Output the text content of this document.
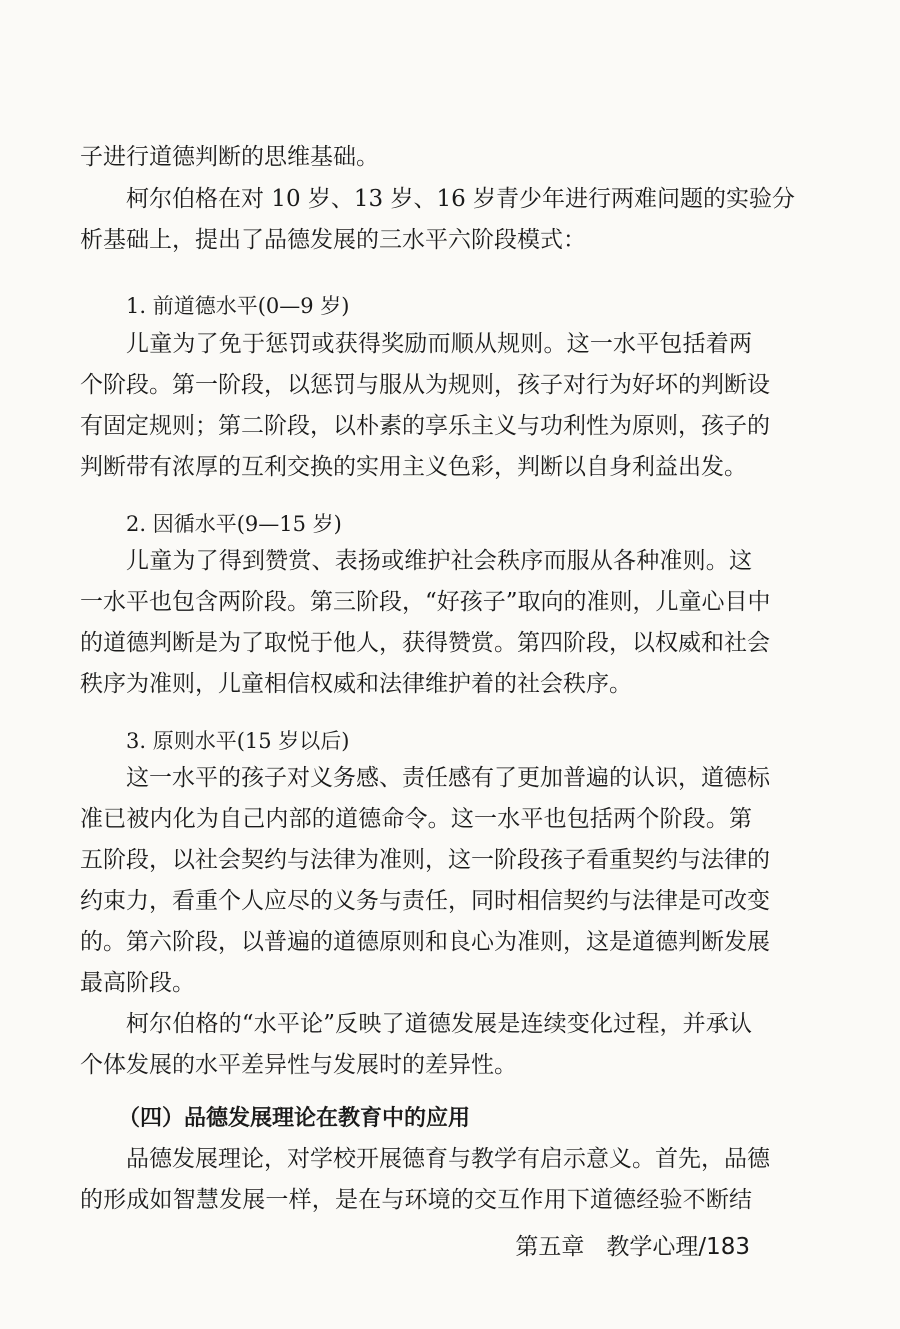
子进行道德判断的思维基础。
柯尔伯格在对 10 岁、13 岁、16 岁青少年进行两难问题的实验分
析基础上，提出了品德发展的三水平六阶段模式：
1. 前道德水平(0—9 岁)
儿童为了免于惩罚或获得奖励而顺从规则。这一水平包括着两
个阶段。第一阶段，以惩罚与服从为规则，孩子对行为好坏的判断设
有固定规则；第二阶段，以朴素的享乐主义与功利性为原则，孩子的
判断带有浓厚的互利交换的实用主义色彩，判断以自身利益出发。
2. 因循水平(9—15 岁)
儿童为了得到赞赏、表扬或维护社会秩序而服从各种准则。这
一水平也包含两阶段。第三阶段，“好孩子”取向的准则，儿童心目中
的道德判断是为了取悦于他人，获得赞赏。第四阶段，以权威和社会
秩序为准则，儿童相信权威和法律维护着的社会秩序。
3. 原则水平(15 岁以后)
这一水平的孩子对义务感、责任感有了更加普遍的认识，道德标
准已被内化为自己内部的道德命令。这一水平也包括两个阶段。第
五阶段，以社会契约与法律为准则，这一阶段孩子看重契约与法律的
约束力，看重个人应尽的义务与责任，同时相信契约与法律是可改变
的。第六阶段，以普遍的道德原则和良心为准则，这是道德判断发展
最高阶段。
柯尔伯格的“水平论”反映了道德发展是连续变化过程，并承认
个体发展的水平差异性与发展时的差异性。
（四）品德发展理论在教育中的应用
品德发展理论，对学校开展德育与教学有启示意义。首先，品德
的形成如智慧发展一样，是在与环境的交互作用下道德经验不断结
第五章 教学心理/183
